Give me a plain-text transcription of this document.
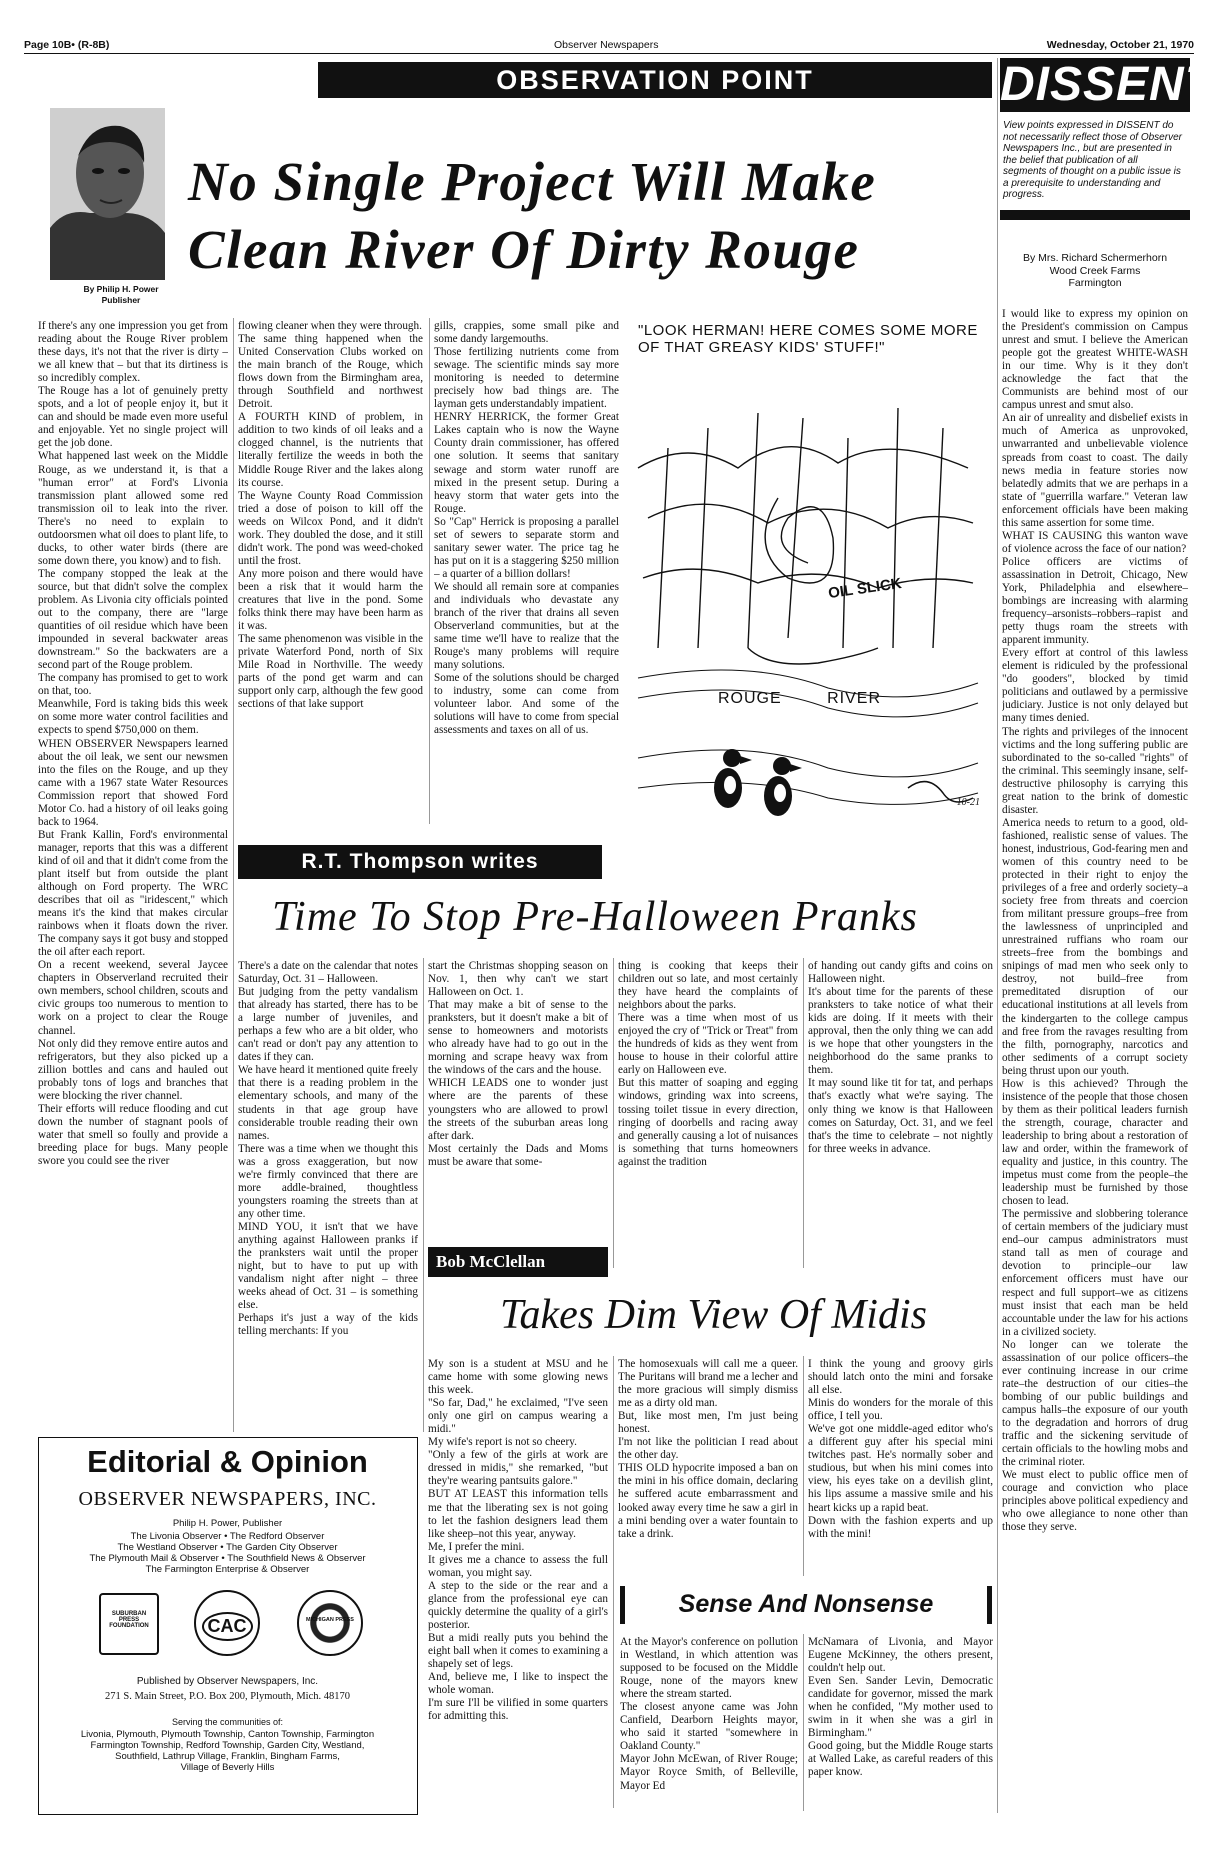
Page 10B• (R-8B)	Observer Newspapers	Wednesday, October 21, 1970
OBSERVATION POINT
By Philip H. Power
Publisher
No Single Project Will Make
Clean River Of Dirty Rouge
If there's any one impression you get from reading about the Rouge River problem these days, it's not that the river is dirty – we all knew that – but that its dirtiness is so incredibly complex.
The Rouge has a lot of genuinely pretty spots, and a lot of people enjoy it, but it can and should be made even more useful and enjoyable. Yet no single project will get the job done.
What happened last week on the Middle Rouge, as we understand it, is that a "human error" at Ford's Livonia transmission plant allowed some red transmission oil to leak into the river. There's no need to explain to outdoorsmen what oil does to plant life, to ducks, to other water birds (there are some down there, you know) and to fish.
The company stopped the leak at the source, but that didn't solve the complex problem. As Livonia city officials pointed out to the company, there are "large quantities of oil residue which have been impounded in several backwater areas downstream." So the backwaters are a second part of the Rouge problem.
The company has promised to get to work on that, too.
Meanwhile, Ford is taking bids this week on some more water control facilities and expects to spend $750,000 on them.
WHEN OBSERVER Newspapers learned about the oil leak, we sent our newsmen into the files on the Rouge, and up they came with a 1967 state Water Resources Commission report that showed Ford Motor Co. had a history of oil leaks going back to 1964.
But Frank Kallin, Ford's environmental manager, reports that this was a different kind of oil and that it didn't come from the plant itself but from outside the plant although on Ford property. The WRC describes that oil as "iridescent," which means it's the kind that makes circular rainbows when it floats down the river. The company says it got busy and stopped the oil after each report.
On a recent weekend, several Jaycee chapters in Observerland recruited their own members, school children, scouts and civic groups too numerous to mention to work on a project to clear the Rouge channel.
Not only did they remove entire autos and refrigerators, but they also picked up a zillion bottles and cans and hauled out probably tons of logs and branches that were blocking the river channel.
Their efforts will reduce flooding and cut down the number of stagnant pools of water that smell so foully and provide a breeding place for bugs. Many people swore you could see the river
flowing cleaner when they were through.
The same thing happened when the United Conservation Clubs worked on the main branch of the Rouge, which flows down from the Birmingham area, through Southfield and northwest Detroit.
A FOURTH KIND of problem, in addition to two kinds of oil leaks and a clogged channel, is the nutrients that literally fertilize the weeds in both the Middle Rouge River and the lakes along its course.
The Wayne County Road Commission tried a dose of poison to kill off the weeds on Wilcox Pond, and it didn't work. They doubled the dose, and it still didn't work. The pond was weed-choked until the frost.
Any more poison and there would have been a risk that it would harm the creatures that live in the pond. Some folks think there may have been harm as it was.
The same phenomenon was visible in the private Waterford Pond, north of Six Mile Road in Northville. The weedy parts of the pond get warm and can support only carp, although the few good sections of that lake support
gills, crappies, some small pike and some dandy largemouths.
Those fertilizing nutrients come from sewage. The scientific minds say more monitoring is needed to determine precisely how bad things are. The layman gets understandably impatient.
HENRY HERRICK, the former Great Lakes captain who is now the Wayne County drain commissioner, has offered one solution. It seems that sanitary sewage and storm water runoff are mixed in the present setup. During a heavy storm that water gets into the Rouge.
So "Cap" Herrick is proposing a parallel set of sewers to separate storm and sanitary sewer water. The price tag he has put on it is a staggering $250 million – a quarter of a billion dollars!
We should all remain sore at companies and individuals who devastate any branch of the river that drains all seven Observerland communities, but at the same time we'll have to realize that the Rouge's many problems will require many solutions.
Some of the solutions should be charged to industry, some can come from volunteer labor. And some of the solutions will have to come from special assessments and taxes on all of us.
"LOOK HERMAN! HERE COMES SOME MORE OF THAT GREASY KIDS' STUFF!"
OIL SLICK
ROUGE RIVER
10-21
R.T. Thompson writes
Time To Stop Pre-Halloween Pranks
There's a date on the calendar that notes Saturday, Oct. 31 – Halloween.
But judging from the petty vandalism that already has started, there has to be a large number of juveniles, and perhaps a few who are a bit older, who can't read or don't pay any attention to dates if they can.
We have heard it mentioned quite freely that there is a reading problem in the elementary schools, and many of the students in that age group have considerable trouble reading their own names.
There was a time when we thought this was a gross exaggeration, but now we're firmly convinced that there are more addle-brained, thoughtless youngsters roaming the streets than at any other time.
MIND YOU, it isn't that we have anything against Halloween pranks if the pranksters wait until the proper night, but to have to put up with vandalism night after night – three weeks ahead of Oct. 31 – is something else.
Perhaps it's just a way of the kids telling merchants: If you
start the Christmas shopping season on Nov. 1, then why can't we start Halloween on Oct. 1.
That may make a bit of sense to the pranksters, but it doesn't make a bit of sense to homeowners and motorists who already have had to go out in the morning and scrape heavy wax from the windows of the cars and the house.
WHICH LEADS one to wonder just where are the parents of these youngsters who are allowed to prowl the streets of the suburban areas long after dark.
Most certainly the Dads and Moms must be aware that some-
thing is cooking that keeps their children out so late, and most certainly they have heard the complaints of neighbors about the parks.
There was a time when most of us enjoyed the cry of "Trick or Treat" from the hundreds of kids as they went from house to house in their colorful attire early on Halloween eve.
But this matter of soaping and egging windows, grinding wax into screens, tossing toilet tissue in every direction, ringing of doorbells and racing away and generally causing a lot of nuisances is something that turns homeowners against the tradition
of handing out candy gifts and coins on Halloween night.
It's about time for the parents of these pranksters to take notice of what their kids are doing. If it meets with their approval, then the only thing we can add is we hope that other youngsters in the neighborhood do the same pranks to them.
It may sound like tit for tat, and perhaps that's exactly what we're saying. The only thing we know is that Halloween comes on Saturday, Oct. 31, and we feel that's the time to celebrate – not nightly for three weeks in advance.
Bob McClellan
Takes Dim View Of Midis
My son is a student at MSU and he came home with some glowing news this week.
"So far, Dad," he exclaimed, "I've seen only one girl on campus wearing a midi."
My wife's report is not so cheery.
"Only a few of the girls at work are dressed in midis," she remarked, "but they're wearing pantsuits galore."
BUT AT LEAST this information tells me that the liberating sex is not going to let the fashion designers lead them like sheep–not this year, anyway.
Me, I prefer the mini.
It gives me a chance to assess the full woman, you might say.
A step to the side or the rear and a glance from the professional eye can quickly determine the quality of a girl's posterior.
But a midi really puts you behind the eight ball when it comes to examining a shapely set of legs.
And, believe me, I like to inspect the whole woman.
I'm sure I'll be vilified in some quarters for admitting this.
The homosexuals will call me a queer. The Puritans will brand me a lecher and the more gracious will simply dismiss me as a dirty old man.
But, like most men, I'm just being honest.
I'm not like the politician I read about the other day.
THIS OLD hypocrite imposed a ban on the mini in his office domain, declaring he suffered acute embarrassment and looked away every time he saw a girl in a mini bending over a water fountain to take a drink.
I think the young and groovy girls should latch onto the mini and forsake all else.
Minis do wonders for the morale of this office, I tell you.
We've got one middle-aged editor who's a different guy after his special mini twitches past. He's normally sober and studious, but when his mini comes into view, his eyes take on a devilish glint, his lips assume a massive smile and his heart kicks up a rapid beat.
Down with the fashion experts and up with the mini!
Sense And Nonsense
At the Mayor's conference on pollution in Westland, in which attention was supposed to be focused on the Middle Rouge, none of the mayors knew where the stream started.
The closest anyone came was John Canfield, Dearborn Heights mayor, who said it started "somewhere in Oakland County."
Mayor John McEwan, of River Rouge; Mayor Royce Smith, of Belleville, Mayor Ed
McNamara of Livonia, and Mayor Eugene McKinney, the others present, couldn't help out.
Even Sen. Sander Levin, Democratic candidate for governor, missed the mark when he confided, "My mother used to swim in it when she was a girl in Birmingham."
Good going, but the Middle Rouge starts at Walled Lake, as careful readers of this paper know.
Editorial & Opinion
OBSERVER NEWSPAPERS, INC.
Philip H. Power, Publisher
The Livonia Observer • The Redford Observer
The Westland Observer • The Garden City Observer
The Plymouth Mail & Observer • The Southfield News & Observer
The Farmington Enterprise & Observer
SUBURBAN PRESS FOUNDATION	CAC	MICHIGAN PRESS
Published by Observer Newspapers, Inc.
271 S. Main Street, P.O. Box 200, Plymouth, Mich. 48170
Serving the communities of:
Livonia, Plymouth, Plymouth Township, Canton Township, Farmington
Farmington Township, Redford Township, Garden City, Westland,
Southfield, Lathrup Village, Franklin, Bingham Farms,
Village of Beverly Hills
DISSENT
View points expressed in DISSENT do not necessarily reflect those of Observer Newspapers Inc., but are presented in the belief that publication of all segments of thought on a public issue is a prerequisite to understanding and progress.
By Mrs. Richard Schermerhorn
Wood Creek Farms
Farmington
I would like to express my opinion on the President's commission on Campus unrest and smut. I believe the American people got the greatest WHITE-WASH in our time. Why is it they don't acknowledge the fact that the Communists are behind most of our campus unrest and smut also.
An air of unreality and disbelief exists in much of America as unprovoked, unwarranted and unbelievable violence spreads from coast to coast. The daily news media in feature stories now belatedly admits that we are perhaps in a state of "guerrilla warfare." Veteran law enforcement officials have been making this same assertion for some time.
WHAT IS CAUSING this wanton wave of violence across the face of our nation?
Police officers are victims of assassination in Detroit, Chicago, New York, Philadelphia and elsewhere–bombings are increasing with alarming frequency–arsonists–robbers–rapist and petty thugs roam the streets with apparent immunity.
Every effort at control of this lawless element is ridiculed by the professional "do gooders", blocked by timid politicians and outlawed by a permissive judiciary. Justice is not only delayed but many times denied.
The rights and privileges of the innocent victims and the long suffering public are subordinated to the so-called "rights" of the criminal. This seemingly insane, self-destructive philosophy is carrying this great nation to the brink of domestic disaster.
America needs to return to a good, old-fashioned, realistic sense of values. The honest, industrious, God-fearing men and women of this country need to be protected in their right to enjoy the privileges of a free and orderly society–a society free from threats and coercion from militant pressure groups–free from the lawlessness of unprincipled and unrestrained ruffians who roam our streets–free from the bombings and snipings of mad men who seek only to destroy, not build–free from premeditated disruption of our educational institutions at all levels from the kindergarten to the college campus and free from the ravages resulting from the filth, pornography, narcotics and other sediments of a corrupt society being thrust upon our youth.
How is this achieved? Through the insistence of the people that those chosen by them as their political leaders furnish the strength, courage, character and leadership to bring about a restoration of law and order, within the framework of equality and justice, in this country. The impetus must come from the people–the leadership must be furnished by those chosen to lead.
The permissive and slobbering tolerance of certain members of the judiciary must end–our campus administrators must stand tall as men of courage and devotion to principle–our law enforcement officers must have our respect and full support–we as citizens must insist that each man be held accountable under the law for his actions in a civilized society.
No longer can we tolerate the assassination of our police officers–the ever continuing increase in our crime rate–the destruction of our cities–the bombing of our public buildings and campus halls–the exposure of our youth to the degradation and horrors of drug traffic and the sickening servitude of certain officials to the howling mobs and the criminal rioter.
We must elect to public office men of courage and conviction who place principles above political expediency and who owe allegiance to none other than those they serve.
